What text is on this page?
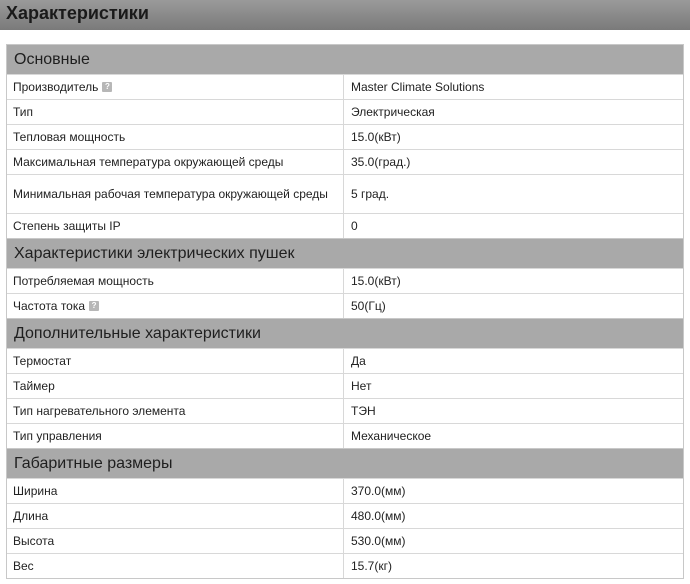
Характеристики
Основные
Производитель ?	Master Climate Solutions
Тип	Электрическая
Тепловая мощность	15.0(кВт)
Максимальная температура окружающей среды	35.0(град.)
Минимальная рабочая температура окружающей среды	5 град.
Степень защиты IP	0
Характеристики электрических пушек
Потребляемая мощность	15.0(кВт)
Частота тока ?	50(Гц)
Дополнительные характеристики
Термостат	Да
Таймер	Нет
Тип нагревательного элемента	ТЭН
Тип управления	Механическое
Габаритные размеры
Ширина	370.0(мм)
Длина	480.0(мм)
Высота	530.0(мм)
Вес	15.7(кг)
